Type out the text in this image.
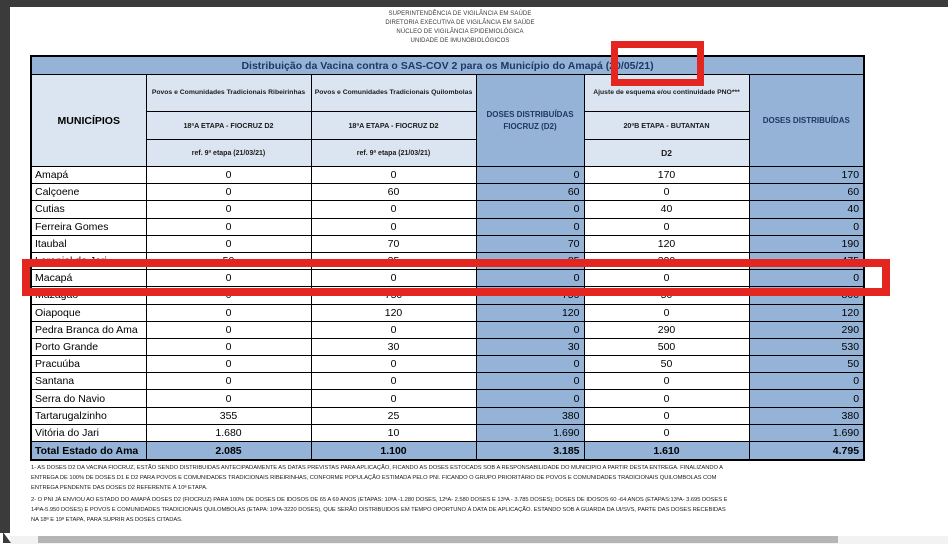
SUPERINTENDÊNCIA DE VIGILÂNCIA EM SAÚDE
DIRETORIA EXECUTIVA DE VIGILÂNCIA EM SAÚDE
NÚCLEO DE VIGILÂNCIA EPIDEMIOLÓGICA
UNIDADE DE IMUNOBIOLÓGICOS
Distribuição da Vacina contra o SAS-COV 2 para os Município do Amapá (20/05/21)					
MUNICÍPIOS	Povos e Comunidades Tradicionais Ribeirinhas	Povos e Comunidades Tradicionais Quilombolas	DOSES DISTRIBUÍDAS FIOCRUZ (D2)	Ajuste de esquema e/ou continuidade PNO***	DOSES DISTRIBUÍDAS
	18ªA ETAPA - FIOCRUZ D2	18ªA ETAPA - FIOCRUZ D2		20ªB ETAPA - BUTANTAN	
	ref. 9ª etapa (21/03/21)	ref. 9ª etapa (21/03/21)		D2	
Amapá	0	0	0	170	170
Calçoene	0	60	60	0	60
Cutias	0	0	0	40	40
Ferreira Gomes	0	0	0	0	0
Itaubal	0	70	70	120	190
Laranjal do Jari	50	35	85	390	475
Macapá	0	0	0	0	0
Mazagão	0	750	750	50	800
Oiapoque	0	120	120	0	120
Pedra Branca do Ama	0	0	0	290	290
Porto Grande	0	30	30	500	530
Pracuúba	0	0	0	50	50
Santana	0	0	0	0	0
Serra do Navio	0	0	0	0	0
Tartarugalzinho	355	25	380	0	380
Vitória do Jari	1.680	10	1.690	0	1.690
Total Estado do Ama	2.085	1.100	3.185	1.610	4.795
1- AS DOSES D2 DA VACINA FIOCRUZ, ESTÃO SENDO DISTRIBUIDAS ANTECIPADAMENTE AS DATAS PREVISTAS PARA APLICAÇÃO, FICANDO AS DOSES ESTOCADS SOB A RESPONSABILIDADE DO MUNICIPIO A PARTIR DESTA ENTREGA. FINALIZANDO A
ENTREGA DE 100% DE DOSES D1 E D2 PARA POVOS E COMUNIDADES TRADICIONAIS RIBEIRINHAS, CONFORME POPULAÇÃO ESTIMADA PELO PNI. FICANDO O GRUPO PRIORITÁRIO DE POVOS E COMUNIDADES TRADICIONAIS QUILOMBOLAS COM
ENTREGA PENDENTE DAS DOSES D2 REFERENTE Á 10ª ETAPA.
2- O PNI JÁ ENVIOU AO ESTADO DO AMAPÁ DOSES D2 (FIOCRUZ) PARA 100% DE DOSES DE IDOSOS DE 65 A 69 ANOS (ETAPAS: 10ªA -1.280 DOSES, 12ªA- 2.580 DOSES E 13ªA - 3.785 DOSES); DOSES DE IDOSOS 60 -64 ANOS (ETAPAS:13ªA- 3.695 DOSES E
14ªA-5.950 DOSES) E POVOS E COMUNIDADES TRADICIONAIS QUILOMBOLAS (ETAPA: 10ªA-3220 DOSES), QUE SERÃO DISTRIBUIDOS EM TEMPO OPORTUNO À DATA DE APLICAÇÃO. ESTANDO SOB A GUARDA DA UI/SVS, PARTE DAS DOSES RECEBIDAS
NA 18ª E 19ª ETAPA, PARA SUPRIR AS DOSES CITADAS.
